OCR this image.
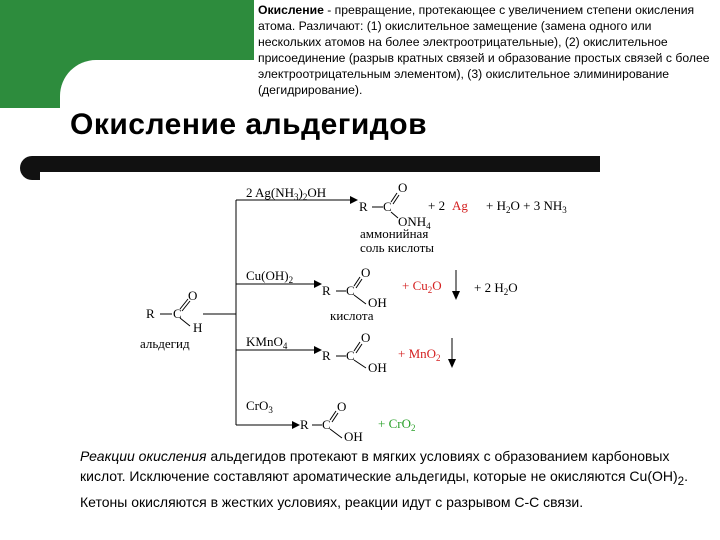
Окисление - превращение, протекающее с увеличением степени окисления атома. Различают: (1) окислительное замещение (замена одного или нескольких атомов на более электроотрицательные), (2) окислительное присоединение (разрыв кратных связей и образование простых связей с более электроотрицательным элементом), (3) окислительное элиминирование (дегидрирование).

Окисление альдегидов
R C
O
H
альдегид
2 $Ag(NH_3)_2OH$
$Cu(OH)_2$
KMnO$_4$
CrO$_3$
R C
O
$ONH_4$
+ 2 $Ag + H_2O + 3$ $NH_3$
аммонийная
соль кислоты
R C
O
OH
кислота
+ $Cu_2O + 2$ $H_2O$
R C
O
OH
+ MnO$_2$
R C
O
OH
+ CrO$_2$

Реакции окисления альдегидов протекают в мягких условиях с образованием карбоновых кислот. Исключение составляют ароматические альдегиды, которые не окисляются $Cu(OH)_2$. Кетоны окисляются в жестких условиях, реакции идут с разрывом С-С связи.
